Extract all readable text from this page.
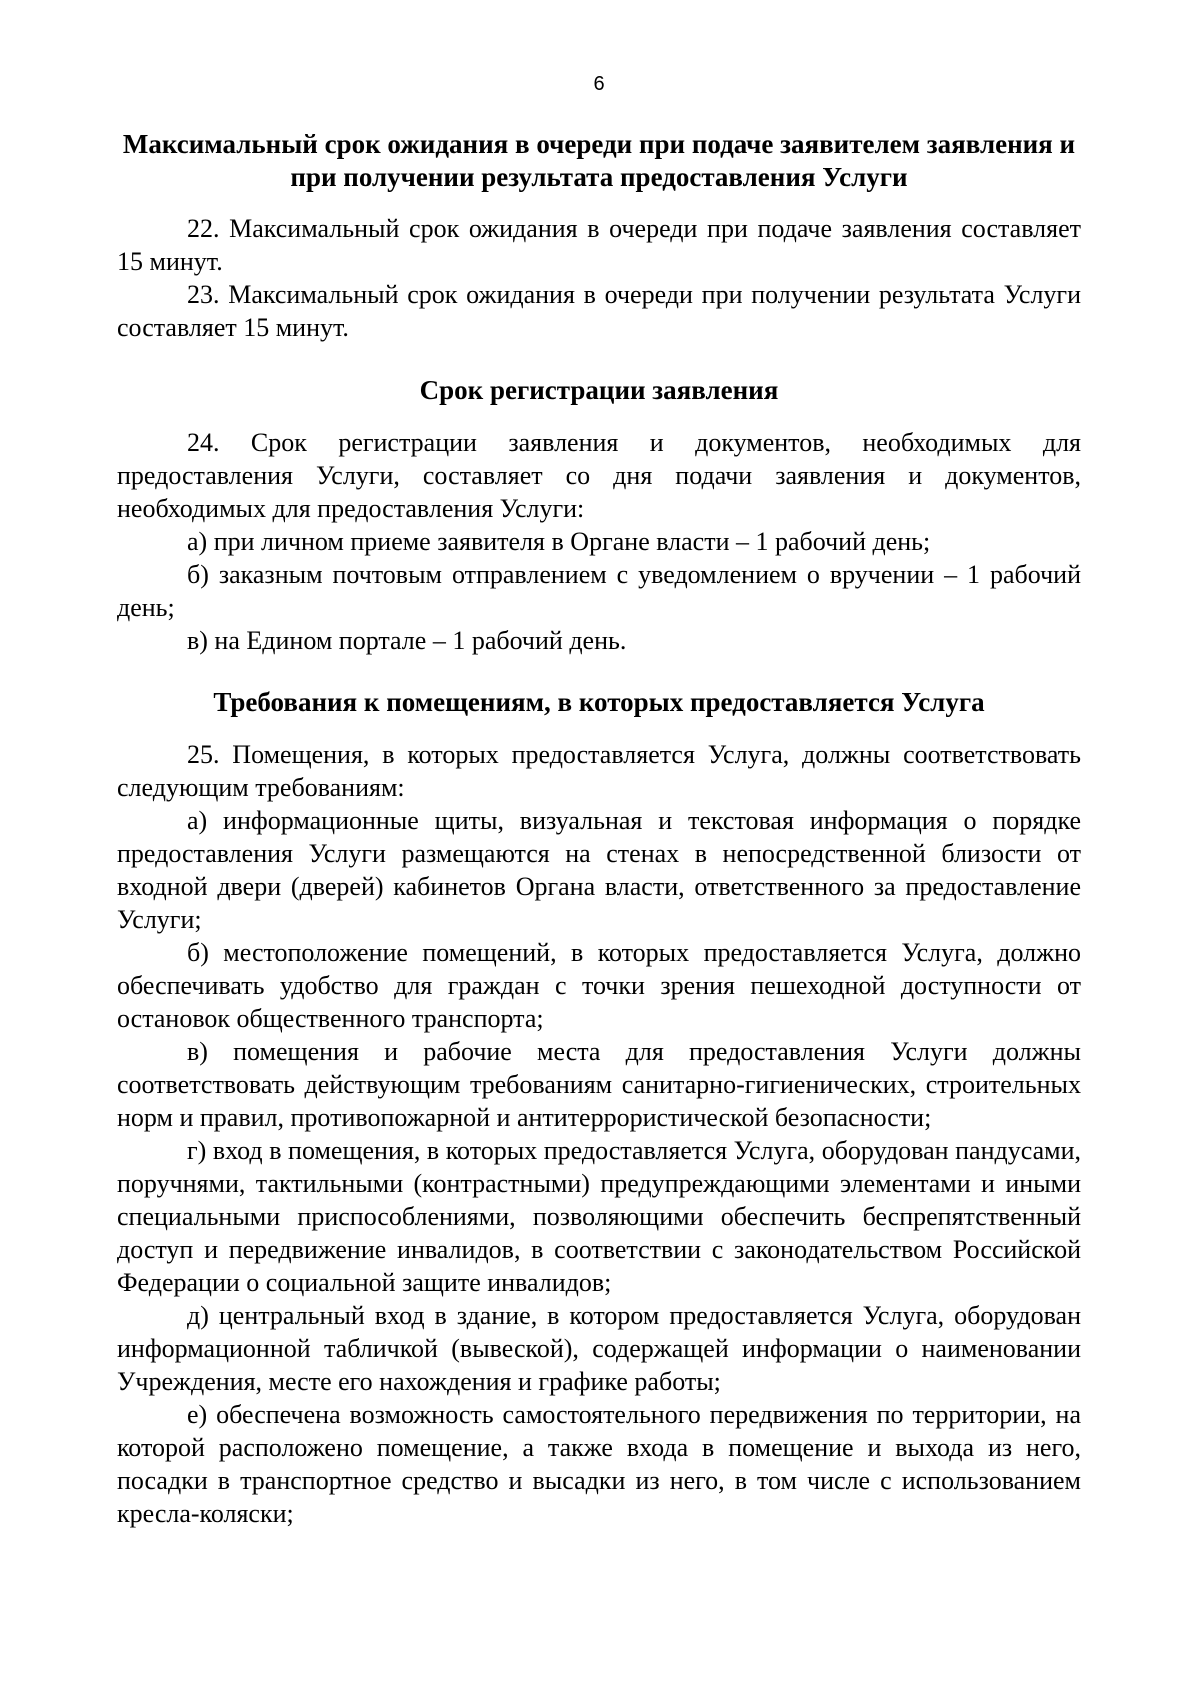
6
Максимальный срок ожидания в очереди при подаче заявителем заявления и при получении результата предоставления Услуги

22. Максимальный срок ожидания в очереди при подаче заявления составляет 15 минут.

23. Максимальный срок ожидания в очереди при получении результата Услуги составляет 15 минут.

Срок регистрации заявления

24. Срок регистрации заявления и документов, необходимых для предоставления Услуги, составляет со дня подачи заявления и документов, необходимых для предоставления Услуги:

а) при личном приеме заявителя в Органе власти – 1 рабочий день;

б) заказным почтовым отправлением с уведомлением о вручении – 1 рабочий день;

в) на Едином портале – 1 рабочий день.

Требования к помещениям, в которых предоставляется Услуга

25. Помещения, в которых предоставляется Услуга, должны соответствовать следующим требованиям:

а) информационные щиты, визуальная и текстовая информация о порядке предоставления Услуги размещаются на стенах в непосредственной близости от входной двери (дверей) кабинетов Органа власти, ответственного за предоставление Услуги;

б) местоположение помещений, в которых предоставляется Услуга, должно обеспечивать удобство для граждан с точки зрения пешеходной доступности от остановок общественного транспорта;

в) помещения и рабочие места для предоставления Услуги должны соответствовать действующим требованиям санитарно-гигиенических, строительных норм и правил, противопожарной и антитеррористической безопасности;

г) вход в помещения, в которых предоставляется Услуга, оборудован пандусами, поручнями, тактильными (контрастными) предупреждающими элементами и иными специальными приспособлениями, позволяющими обеспечить беспрепятственный доступ и передвижение инвалидов, в соответствии с законодательством Российской Федерации о социальной защите инвалидов;

д) центральный вход в здание, в котором предоставляется Услуга, оборудован информационной табличкой (вывеской), содержащей информации о наименовании Учреждения, месте его нахождения и графике работы;

е) обеспечена возможность самостоятельного передвижения по территории, на которой расположено помещение, а также входа в помещение и выхода из него, посадки в транспортное средство и высадки из него, в том числе с использованием кресла-коляски;
